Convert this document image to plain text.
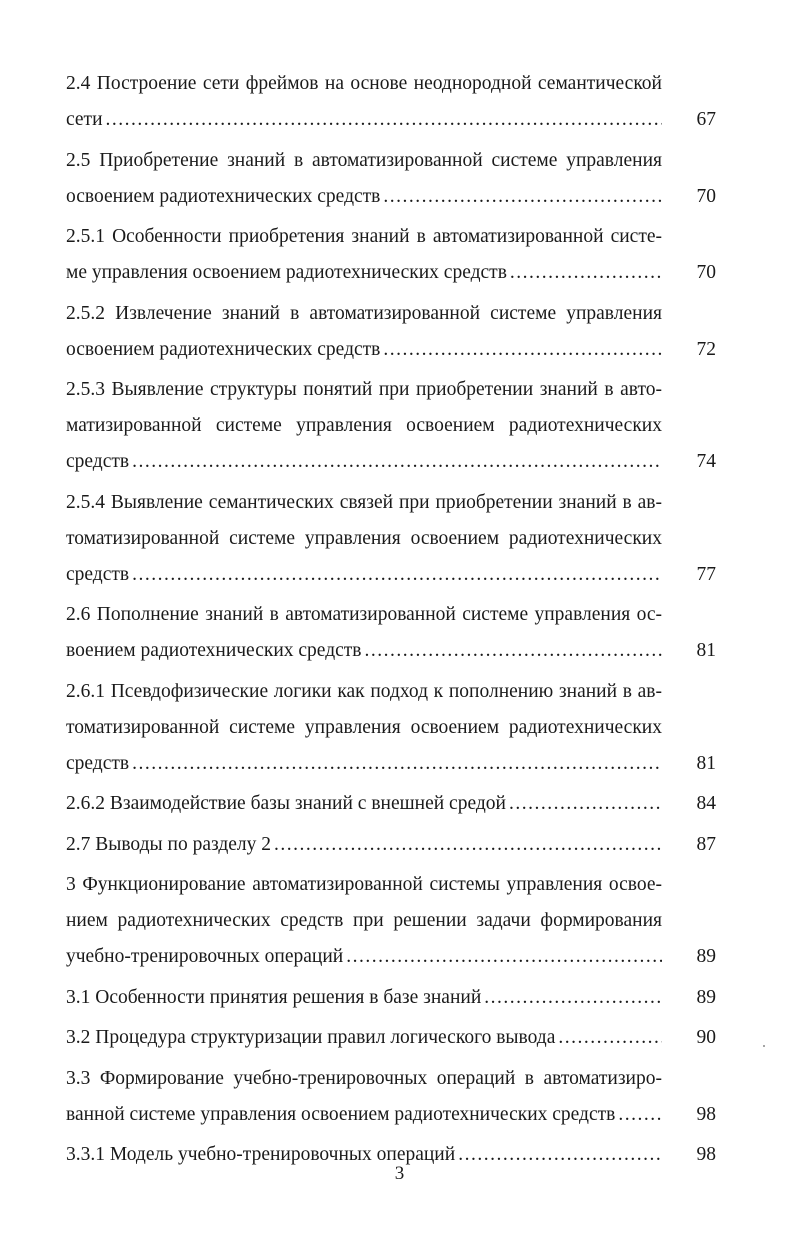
2.4 Построение сети фреймов на основе неоднородной семантической
сети .....	67
2.5 Приобретение знаний в автоматизированной системе управления
освоением радиотехнических средств .....	70
2.5.1 Особенности приобретения знаний в автоматизированной систе-
ме управления освоением радиотехнических средств .....	70
2.5.2 Извлечение знаний в автоматизированной системе управления
освоением радиотехнических средств .....	72
2.5.3 Выявление структуры понятий при приобретении знаний в авто-
матизированной системе управления освоением радиотехнических
средств .....	74
2.5.4 Выявление семантических связей при приобретении знаний в ав-
томатизированной системе управления освоением радиотехнических
средств .....	77
2.6 Пополнение знаний в автоматизированной системе управления ос-
воением радиотехнических средств .....	81
2.6.1 Псевдофизические логики как подход к пополнению знаний в ав-
томатизированной системе управления освоением радиотехнических
средств .....	81
2.6.2 Взаимодействие базы знаний с внешней средой .....	84
2.7 Выводы по разделу 2 .....	87
3 Функционирование автоматизированной системы управления освое-
нием радиотехнических средств при решении задачи формирования
учебно-тренировочных операций .....	89
3.1 Особенности принятия решения в базе знаний .....	89
3.2 Процедура структуризации правил логического вывода .....	90
3.3 Формирование учебно-тренировочных операций в автоматизиро-
ванной системе управления освоением радиотехнических средств .....	98
3.3.1 Модель учебно-тренировочных операций .....	98
3
